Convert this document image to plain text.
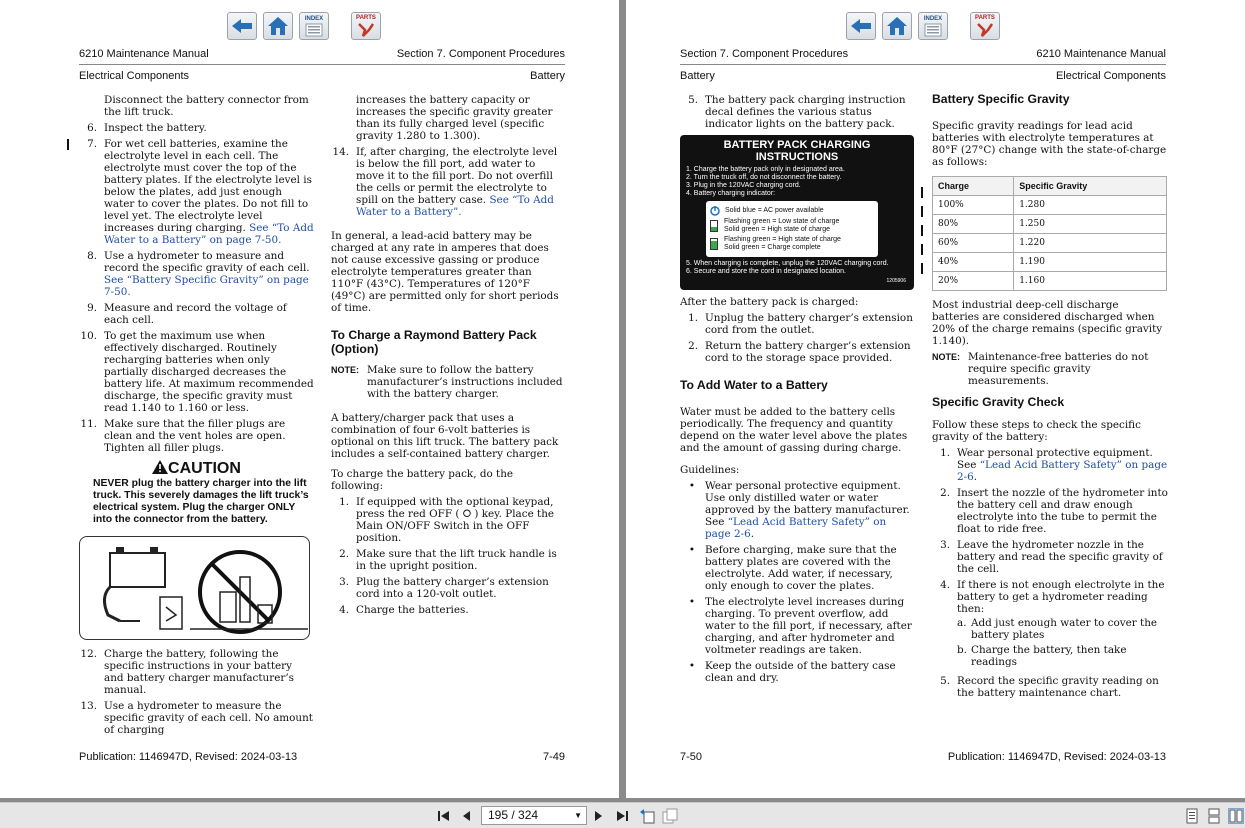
INDEX	PARTS
6210 Maintenance Manual	Section 7. Component Procedures
Electrical Components	Battery
Disconnect the battery connector from the lift truck.
6. Inspect the battery.
7. For wet cell batteries, examine the electrolyte level in each cell. The electrolyte must cover the top of the battery plates. If the electrolyte level is below the plates, add just enough water to cover the plates. Do not fill to level yet. The electrolyte level increases during charging. See “To Add Water to a Battery” on page 7-50.
8. Use a hydrometer to measure and record the specific gravity of each cell. See “Battery Specific Gravity” on page 7-50.
9. Measure and record the voltage of each cell.
10. To get the maximum use when effectively discharged. Routinely recharging batteries when only partially discharged decreases the battery life. At maximum recommended discharge, the specific gravity must read 1.140 to 1.160 or less.
11. Make sure that the filler plugs are clean and the vent holes are open. Tighten all filler plugs.
CAUTION
NEVER plug the battery charger into the lift truck. This severely damages the lift truck’s electrical system. Plug the charger ONLY into the connector from the battery.
12. Charge the battery, following the specific instructions in your battery and battery charger manufacturer’s manual.
13. Use a hydrometer to measure the specific gravity of each cell. No amount of charging
increases the battery capacity or increases the specific gravity greater than its fully charged level (specific gravity 1.280 to 1.300).
14. If, after charging, the electrolyte level is below the fill port, add water to move it to the fill port. Do not overfill the cells or permit the electrolyte to spill on the battery case. See “To Add Water to a Battery”.

In general, a lead-acid battery may be charged at any rate in amperes that does not cause excessive gassing or produce electrolyte temperatures greater than 110°F (43°C). Temperatures of 120°F (49°C) are permitted only for short periods of time.

To Charge a Raymond Battery Pack (Option)
NOTE: Make sure to follow the battery manufacturer’s instructions included with the battery charger.

A battery/charger pack that uses a combination of four 6-volt batteries is optional on this lift truck. The battery pack includes a self-contained battery charger.

To charge the battery pack, do the following:

1. If equipped with the optional keypad, press the red OFF ( ⭘ ) key. Place the Main ON/OFF Switch in the OFF position.
2. Make sure that the lift truck handle is in the upright position.
3. Plug the battery charger’s extension cord into a 120-volt outlet.
4. Charge the batteries.
Publication: 1146947D, Revised: 2024-03-13	7-49
INDEX	PARTS
Section 7. Component Procedures	6210 Maintenance Manual
Battery	Electrical Components
5. The battery pack charging instruction decal defines the various status indicator lights on the battery pack.
BATTERY PACK CHARGING INSTRUCTIONS
1. Charge the battery pack only in designated area.
2. Turn the truck off, do not disconnect the battery.
3. Plug in the 120VAC charging cord.
4. Battery charging indicator:
Solid blue = AC power available
Flashing green = Low state of charge
Solid green = High state of charge
Flashing green = High state of charge
Solid green = Charge complete
5. When charging is complete, unplug the 120VAC charging cord.
6. Secure and store the cord in designated location.
1205906

After the battery pack is charged:

1. Unplug the battery charger’s extension cord from the outlet.
2. Return the battery charger’s extension cord to the storage space provided.
To Add Water to a Battery

Water must be added to the battery cells periodically. The frequency and quantity depend on the water level above the plates and the amount of gassing during charge.

Guidelines:

• Wear personal protective equipment. Use only distilled water or water approved by the battery manufacturer. See “Lead Acid Battery Safety” on page 2-6.
• Before charging, make sure that the battery plates are covered with the electrolyte. Add water, if necessary, only enough to cover the plates.
• The electrolyte level increases during charging. To prevent overflow, add water to the fill port, if necessary, after charging, and after hydrometer and voltmeter readings are taken.
• Keep the outside of the battery case clean and dry.
Battery Specific Gravity

Specific gravity readings for lead acid batteries with electrolyte temperatures at 80°F (27°C) change with the state-of-charge as follows:

Charge	Specific Gravity
100%	1.280
80%	1.250
60%	1.220
40%	1.190
20%	1.160

Most industrial deep-cell discharge batteries are considered discharged when 20% of the charge remains (specific gravity 1.140).

NOTE: Maintenance-free batteries do not require specific gravity measurements.
Specific Gravity Check

Follow these steps to check the specific gravity of the battery:

1. Wear personal protective equipment. See “Lead Acid Battery Safety” on page 2-6.
2. Insert the nozzle of the hydrometer into the battery cell and draw enough electrolyte into the tube to permit the float to ride free.
3. Leave the hydrometer nozzle in the battery and read the specific gravity of the cell.
4. If there is not enough electrolyte in the battery to get a hydrometer reading then:
a. Add just enough water to cover the battery plates
b. Charge the battery, then take readings
5. Record the specific gravity reading on the battery maintenance chart.
7-50	Publication: 1146947D, Revised: 2024-03-13
195 / 324	▼
